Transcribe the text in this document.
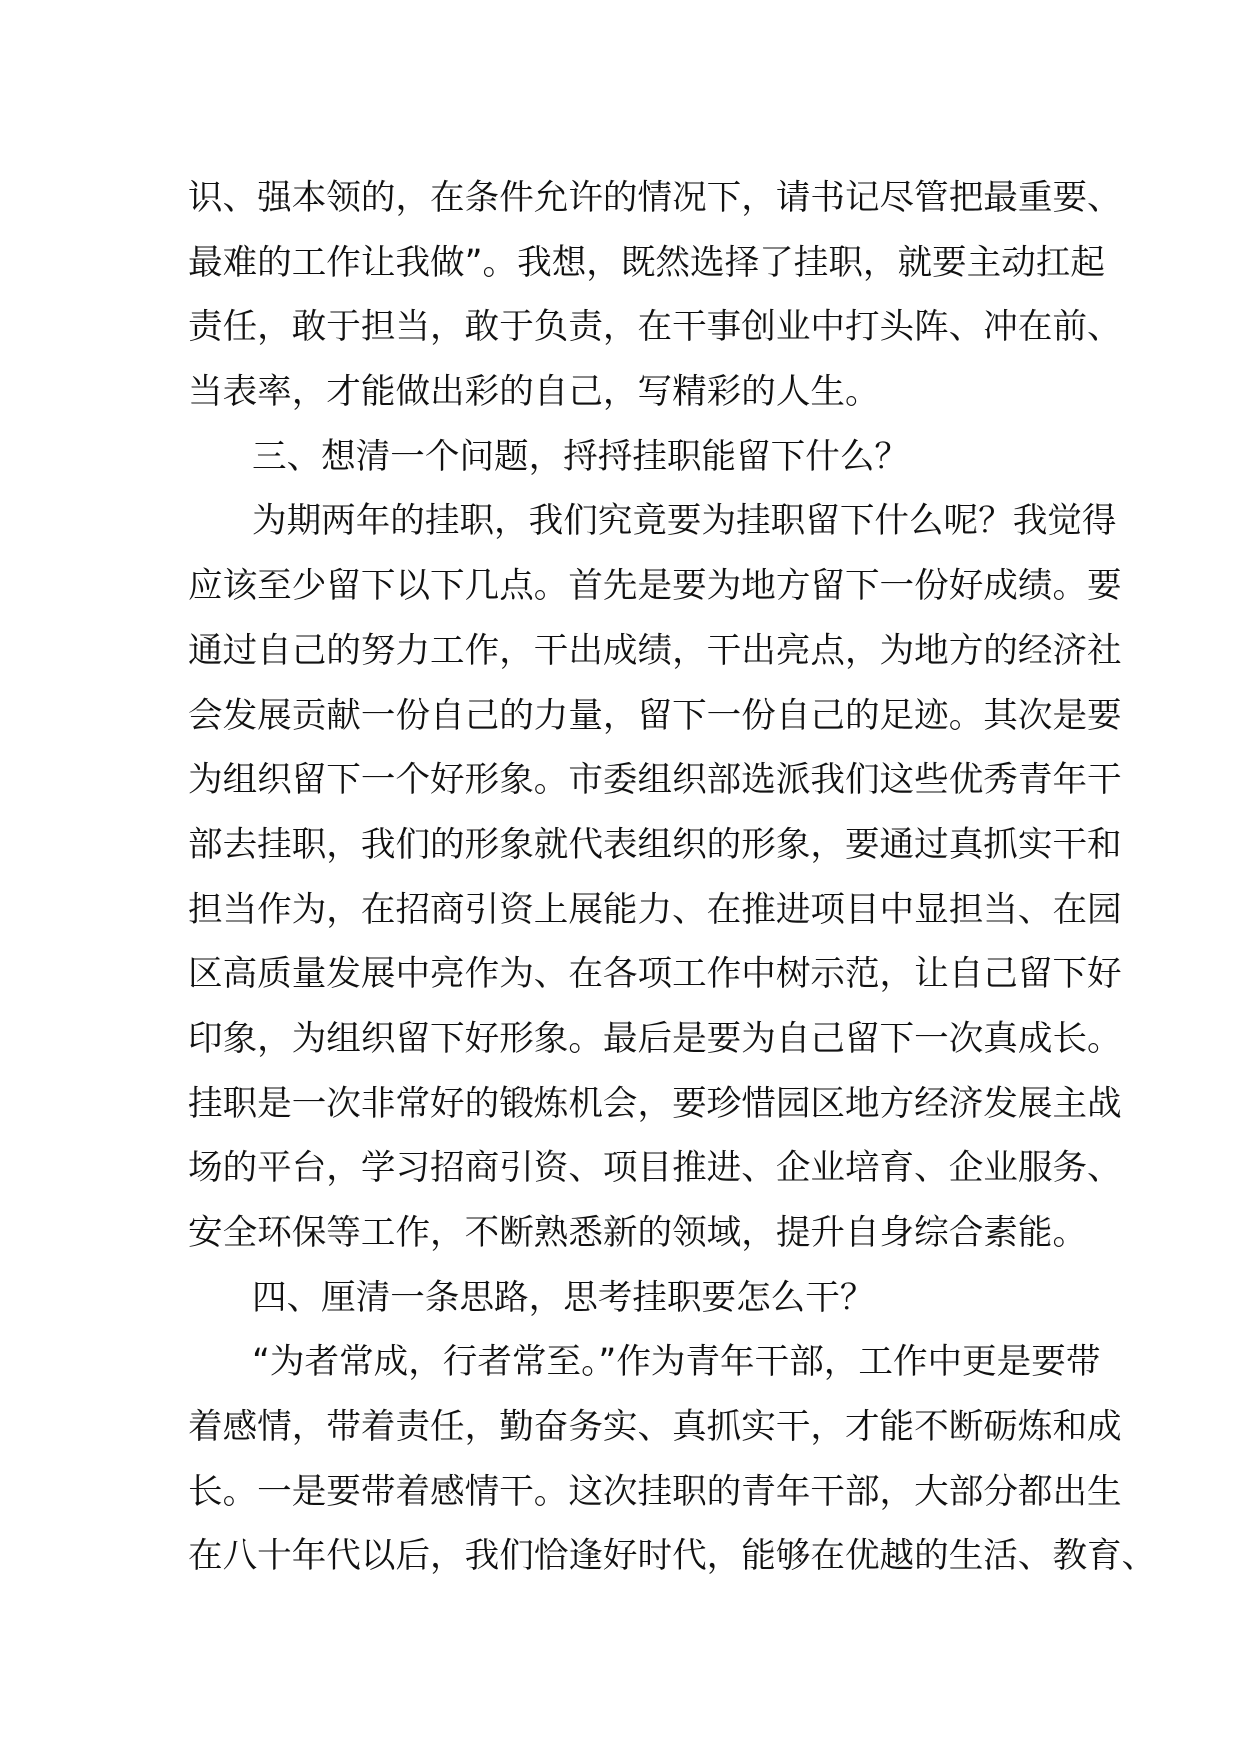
识、强本领的，在条件允许的情况下，请书记尽管把最重要、
最难的工作让我做”。我想，既然选择了挂职，就要主动扛起
责任，敢于担当，敢于负责，在干事创业中打头阵、冲在前、
当表率，才能做出彩的自己，写精彩的人生。
三、想清一个问题，捋捋挂职能留下什么？
为期两年的挂职，我们究竟要为挂职留下什么呢？我觉得
应该至少留下以下几点。首先是要为地方留下一份好成绩。要
通过自己的努力工作，干出成绩，干出亮点，为地方的经济社
会发展贡献一份自己的力量，留下一份自己的足迹。其次是要
为组织留下一个好形象。市委组织部选派我们这些优秀青年干
部去挂职，我们的形象就代表组织的形象，要通过真抓实干和
担当作为，在招商引资上展能力、在推进项目中显担当、在园
区高质量发展中亮作为、在各项工作中树示范，让自己留下好
印象，为组织留下好形象。最后是要为自己留下一次真成长。
挂职是一次非常好的锻炼机会，要珍惜园区地方经济发展主战
场的平台，学习招商引资、项目推进、企业培育、企业服务、
安全环保等工作，不断熟悉新的领域，提升自身综合素能。
四、厘清一条思路，思考挂职要怎么干？
“为者常成，行者常至。”作为青年干部，工作中更是要带
着感情，带着责任，勤奋务实、真抓实干，才能不断砺炼和成
长。一是要带着感情干。这次挂职的青年干部，大部分都出生
在八十年代以后，我们恰逢好时代，能够在优越的生活、教育、
